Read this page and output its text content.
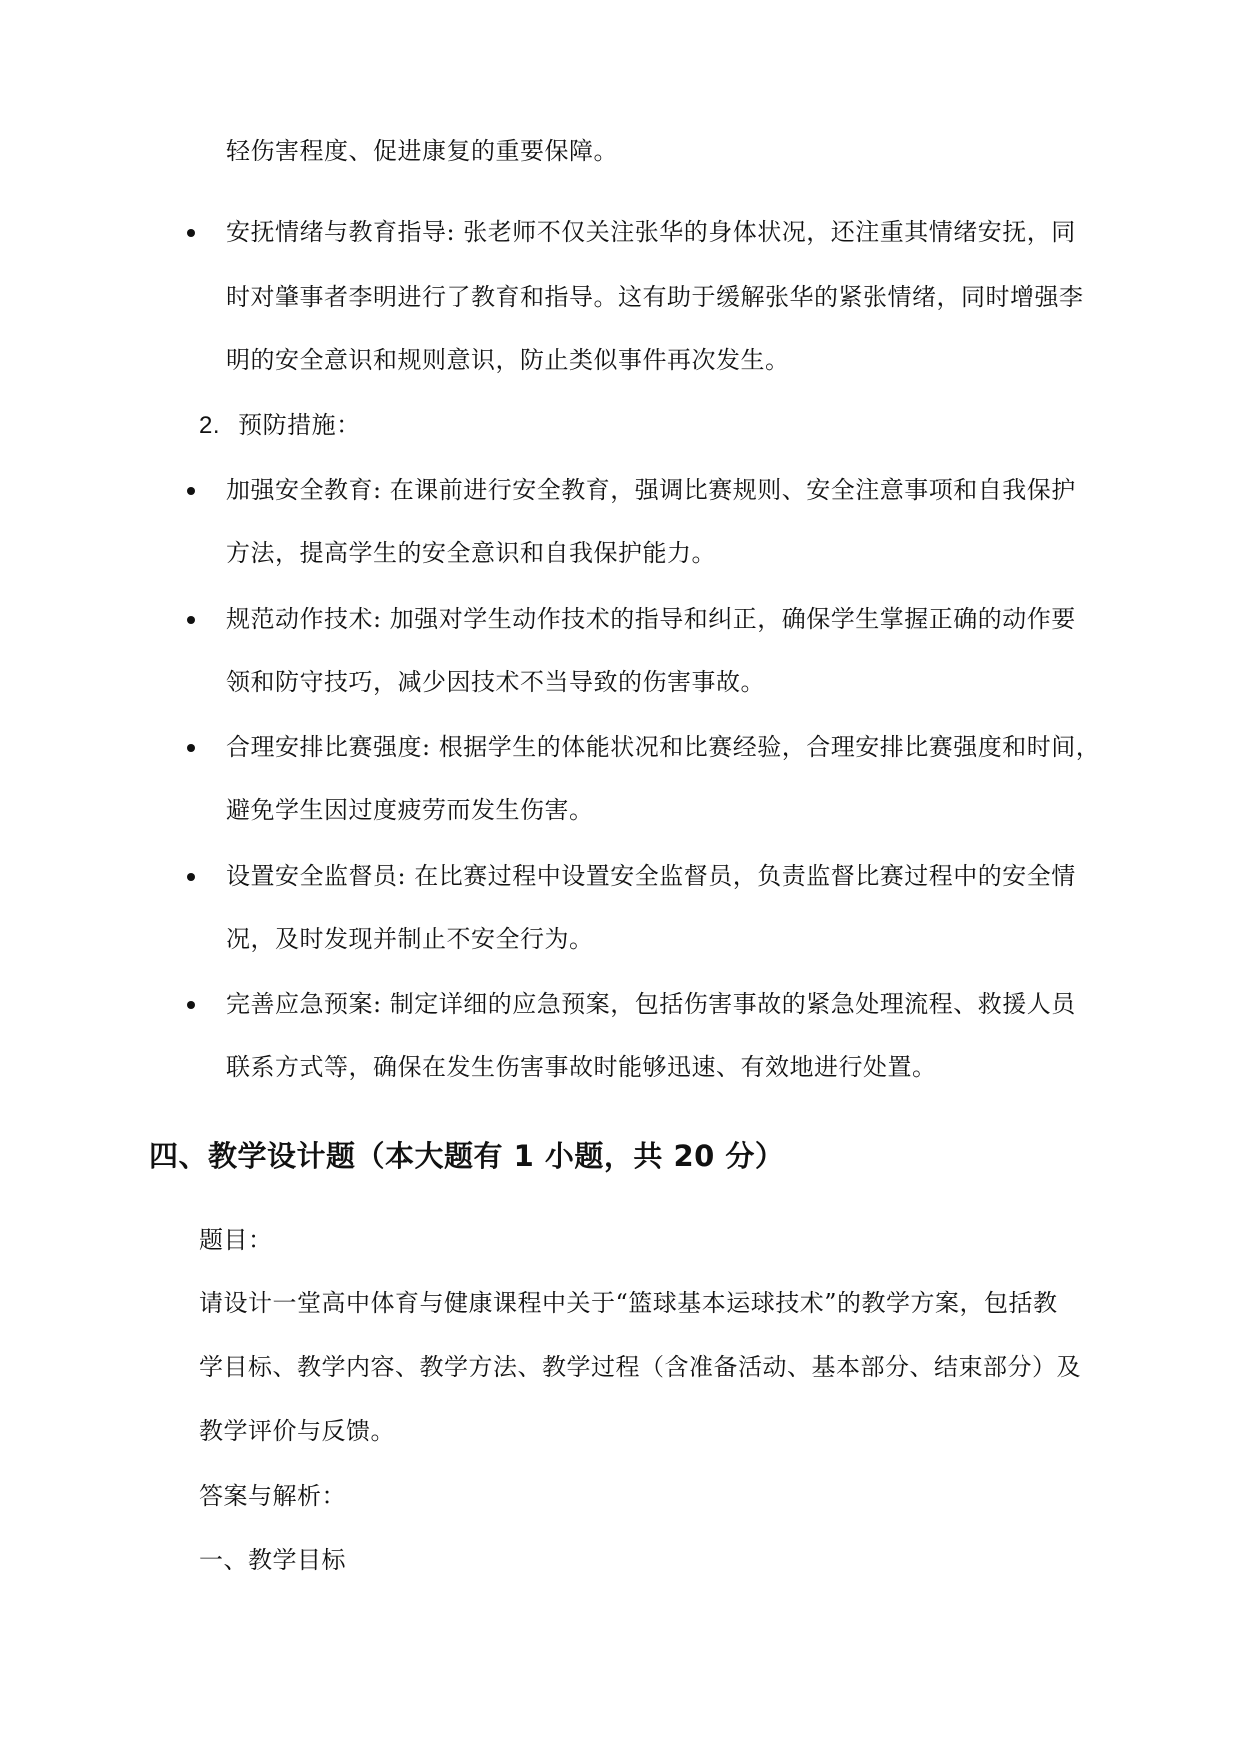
轻伤害程度、促进康复的重要保障。
安抚情绪与教育指导: 张老师不仅关注张华的身体状况，还注重其情绪安抚，同
时对肇事者李明进行了教育和指导。这有助于缓解张华的紧张情绪，同时增强李
明的安全意识和规则意识，防止类似事件再次发生。
2. 预防措施：
加强安全教育: 在课前进行安全教育，强调比赛规则、安全注意事项和自我保护
方法，提高学生的安全意识和自我保护能力。
规范动作技术: 加强对学生动作技术的指导和纠正，确保学生掌握正确的动作要
领和防守技巧，减少因技术不当导致的伤害事故。
合理安排比赛强度: 根据学生的体能状况和比赛经验，合理安排比赛强度和时间，
避免学生因过度疲劳而发生伤害。
设置安全监督员: 在比赛过程中设置安全监督员，负责监督比赛过程中的安全情
况，及时发现并制止不安全行为。
完善应急预案: 制定详细的应急预案，包括伤害事故的紧急处理流程、救援人员
联系方式等，确保在发生伤害事故时能够迅速、有效地进行处置。
四、教学设计题（本大题有 1 小题，共 20 分）
题目：
请设计一堂高中体育与健康课程中关于“篮球基本运球技术”的教学方案，包括教
学目标、教学内容、教学方法、教学过程（含准备活动、基本部分、结束部分）及
教学评价与反馈。
答案与解析：
一、教学目标
